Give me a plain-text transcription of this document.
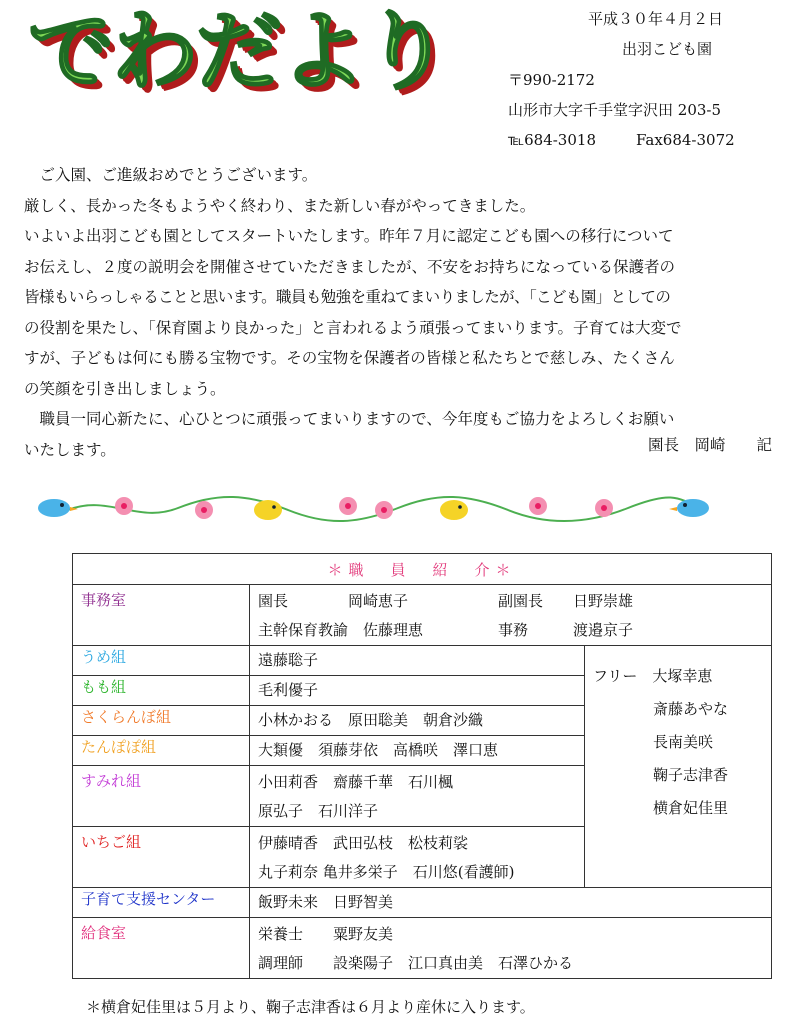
でわだより	平成３０年４月２日
出羽こども園
〒990-2172
山形市大字千手堂字沢田 203-5
℡684-3018	Fax684-3072

　ご入園、ご進級おめでとうございます。

厳しく、長かった冬もようやく終わり、また新しい春がやってきました。

いよいよ出羽こども園としてスタートいたします。昨年７月に認定こども園への移行について

お伝えし、２度の説明会を開催させていただきましたが、不安をお持ちになっている保護者の

皆様もいらっしゃることと思います。職員も勉強を重ねてまいりましたが、「こども園」としての

の役割を果たし、「保育園より良かった」と言われるよう頑張ってまいります。子育ては大変で

すが、子どもは何にも勝る宝物です。その宝物を保護者の皆様と私たちとで慈しみ、たくさん

の笑顔を引き出しましょう。

　職員一同心新たに、心ひとつに頑張ってまいりますので、今年度もご協力をよろしくお願い

いたします。	園長　岡崎　　記
＊職　員　紹　介＊		
事務室	園長　　　　岡崎恵子　　　　　　副園長　　日野崇雄
主幹保育教諭　佐藤理恵　　　　　事務　　　渡邉京子	

うめ組	遠藤聡子	フリー　大塚幸恵
　　　　斎藤あやな
　　　　長南美咲
　　　　鞠子志津香
　　　　横倉妃佳里

もも組	毛利優子	

さくらんぼ組	小林かおる　原田聡美　朝倉沙織	

たんぽぽ組	大類優　須藤芽依　高橋咲　澤口恵	

すみれ組	小田莉香　齋藤千華　石川楓
原弘子　石川洋子	

いちご組	伊藤晴香　武田弘枝　松枝莉裟
丸子莉奈 亀井多栄子　石川悠(看護師)	

子育て支援センター	飯野未来　日野智美	

給食室	栄養士　　粟野友美
調理師　　設楽陽子　江口真由美　石澤ひかる	
＊横倉妃佳里は５月より、鞠子志津香は６月より産休に入ります。
